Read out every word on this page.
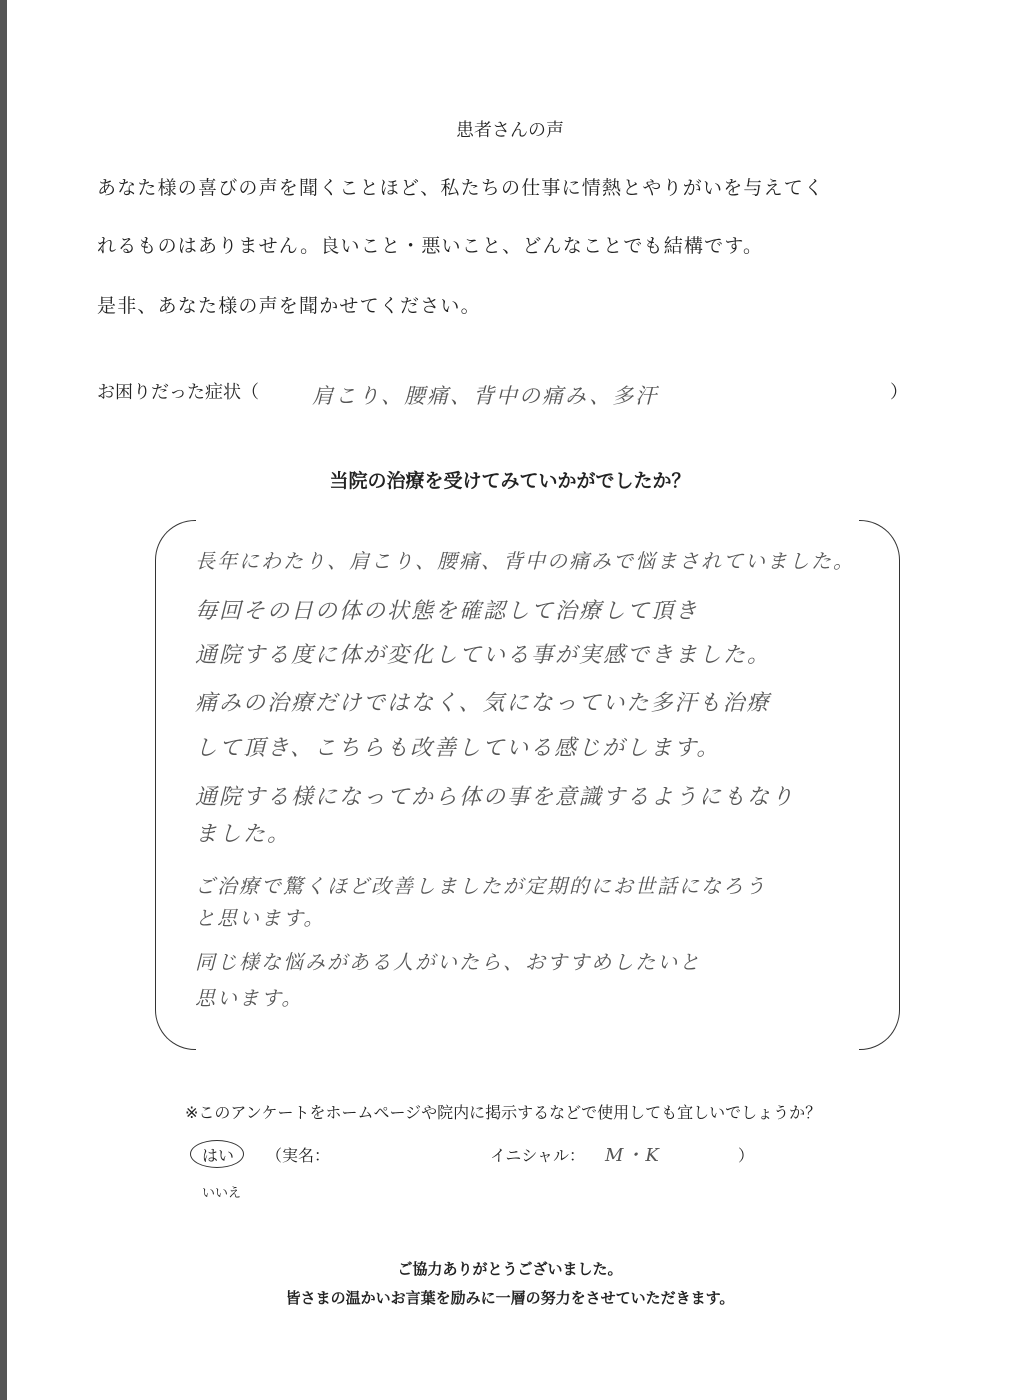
患者さんの声
あなた様の喜びの声を聞くことほど、私たちの仕事に情熱とやりがいを与えてく
れるものはありません。良いこと・悪いこと、どんなことでも結構です。
是非、あなた様の声を聞かせてください。
お困りだった症状（	肩こり、腰痛、背中の痛み、多汗	）
当院の治療を受けてみていかがでしたか？
長年にわたり、肩こり、腰痛、背中の痛みで悩まされていました。
毎回その日の体の状態を確認して治療して頂き
通院する度に体が変化している事が実感できました。
痛みの治療だけではなく、気になっていた多汗も治療
して頂き、こちらも改善している感じがします。
通院する様になってから体の事を意識するようにもなり
ました。
ご治療で驚くほど改善しましたが定期的にお世話になろう
と思います。
同じ様な悩みがある人がいたら、おすすめしたいと
思います。
※このアンケートをホームページや院内に掲示するなどで使用しても宜しいでしょうか？
はい （実名：	イニシャル： M・K	）
いいえ
ご協力ありがとうございました。
皆さまの温かいお言葉を励みに一層の努力をさせていただきます。
